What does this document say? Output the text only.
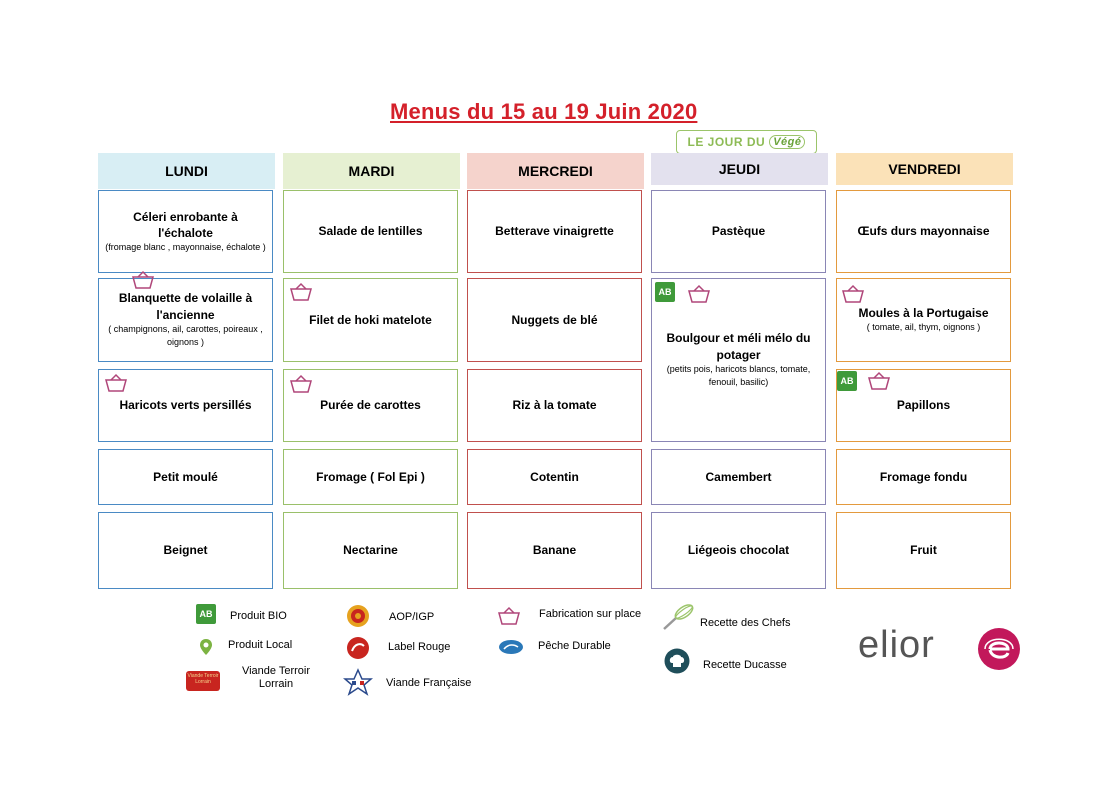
Menus du 15 au 19 Juin 2020
LE JOUR DU Végé
LUNDI
Céleri enrobante à l'échalote
(fromage blanc , mayonnaise, échalote )
Blanquette de volaille à l'ancienne
( champignons, ail, carottes, poireaux , oignons )
Haricots verts persillés
Petit moulé
Beignet
MARDI
Salade de lentilles
Filet de hoki matelote
Purée de carottes
Fromage ( Fol Epi )
Nectarine
MERCREDI
Betterave vinaigrette
Nuggets de blé
Riz à la tomate
Cotentin
Banane
JEUDI
Pastèque
Boulgour et méli mélo du potager
(petits pois, haricots blancs, tomate, fenouil, basilic)
Camembert
Liégeois chocolat
VENDREDI
Œufs durs mayonnaise
Moules à la Portugaise
( tomate, ail, thym, oignons )
Papillons
Fromage fondu
Fruit
AB
AB
AB	Produit BIO
Produit Local
Viande Terroir Lorrain
Viande Terroir Lorrain
AOP/IGP
Label Rouge
Viande Française
Fabrication sur place
Pêche Durable
Recette des Chefs
Recette Ducasse elior
